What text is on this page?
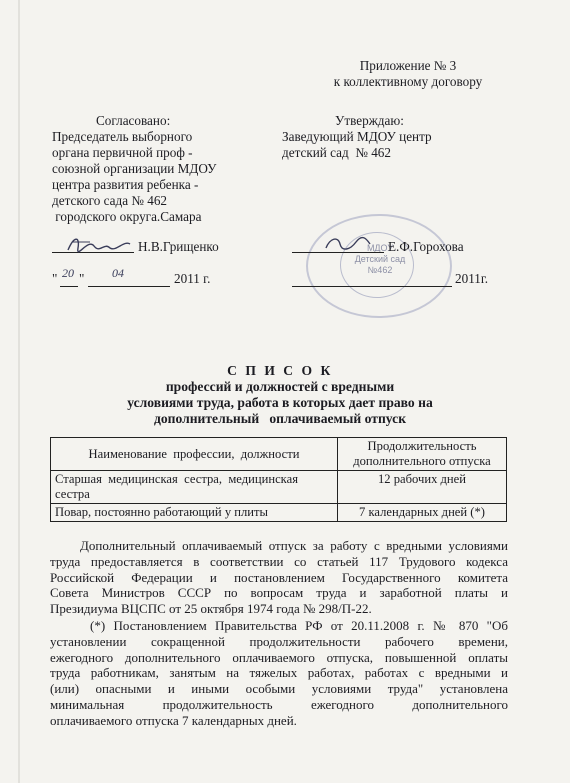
Приложение № 3
к коллективному договору
Согласовано:
Председатель выборного
органа первичной проф -
союзной организации МДОУ
центра развития ребенка -
детского сада № 462
городского округа.Самара
Н.В.Грищенко
" 20 " 04	2011 г.
Утверждаю:
Заведующий МДОУ центр
детский сад  № 462
МДОУ Детский сад №462
Е.Ф.Горохова
2011г.
С П И С О К
профессий и должностей с вредными
условиями труда, работа в которых дает право на
дополнительный   оплачиваемый отпуск
Наименование  профессии,  должности	Продолжительность дополнительного отпуска
Старшая  медицинская  сестра,  медицинская сестра	12 рабочих дней
Повар, постоянно работающий у плиты	7 календарных дней (*)
Дополнительный оплачиваемый отпуск за работу с вредными условиями
труда предоставляется в соответствии со статьей 117 Трудового кодекса
Российской Федерации и постановлением Государственного комитета
Совета Министров СССР по вопросам труда и заработной платы и
Президиума ВЦСПС от 25 октября 1974 года № 298/П-22.
(*) Постановлением Правительства РФ от 20.11.2008 г. № 870 "Об
установлении сокращенной продолжительности рабочего времени,
ежегодного дополнительного оплачиваемого отпуска, повышенной оплаты
труда работникам, занятым на тяжелых работах, работах с вредными и
(или) опасными и иными особыми условиями труда" установлена
минимальная продолжительность ежегодного дополнительного
оплачиваемого отпуска 7 календарных дней.
